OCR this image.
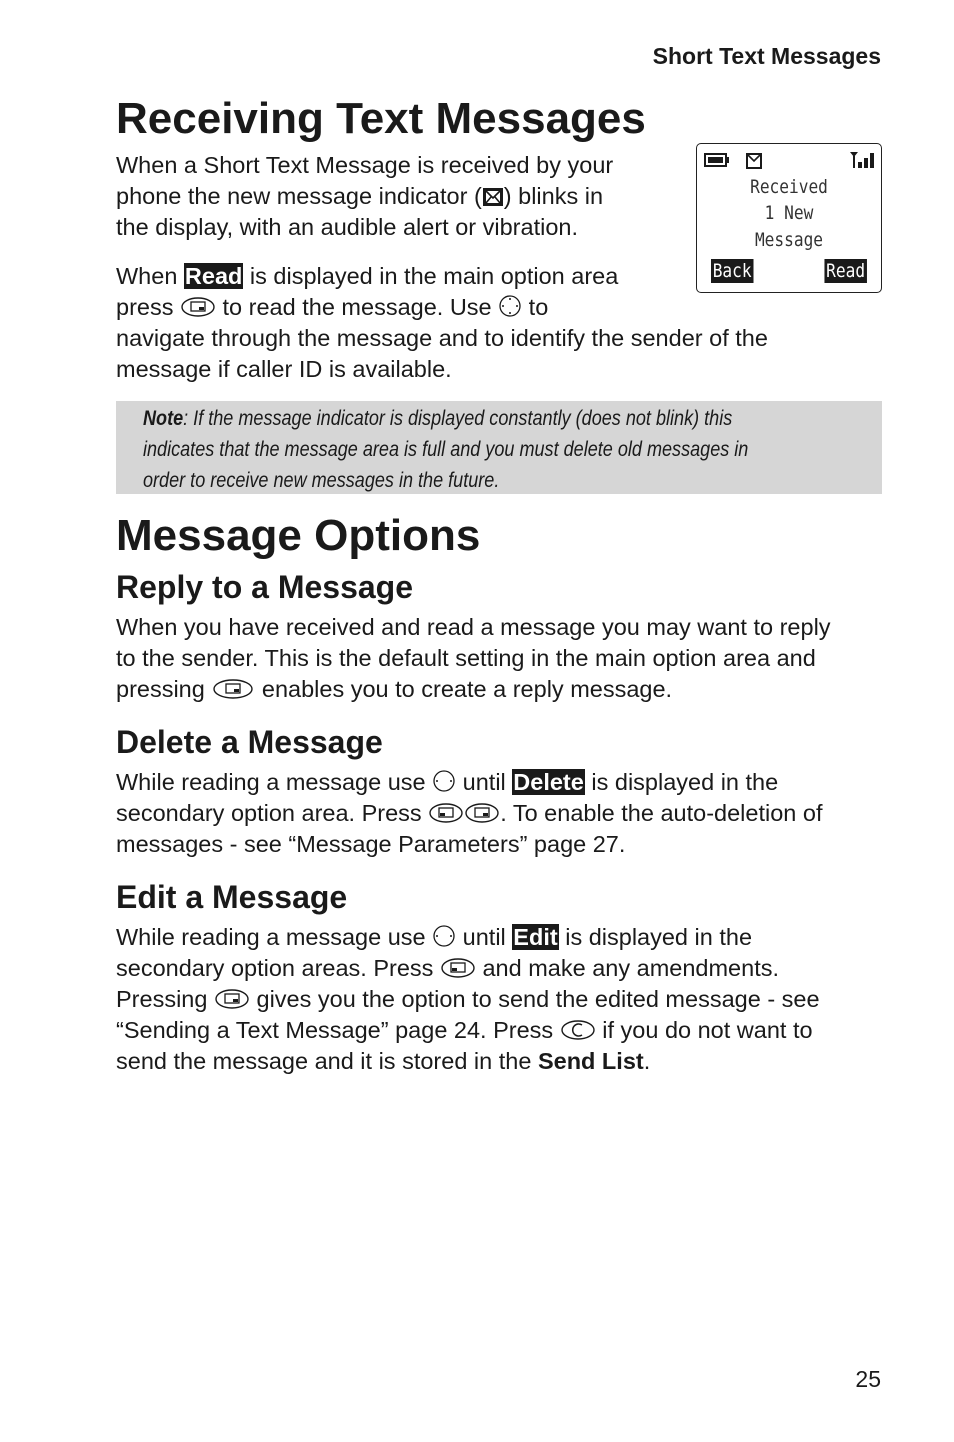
Short Text Messages
Receiving Text Messages
When a Short Text Message is received by your
phone the new message indicator ( ) blinks in
the display, with an audible alert or vibration.
When Read is displayed in the main option area
press
to read the message. Use
to
navigate through the message and to identify the sender of the
message if caller ID is available.
Received
1 New
Message
Back	Read
Note: If the message indicator is displayed constantly (does not blink) this
indicates that the message area is full and you must delete old messages in
order to receive new messages in the future.
Message Options
Reply to a Message
When you have received and read a message you may want to reply
to the sender. This is the default setting in the main option area and
pressing
enables you to create a reply message.
Delete a Message
While reading a message use
until Delete is displayed in the
secondary option area. Press	. To enable the auto-deletion of
messages - see “Message Parameters” page 27.
Edit a Message
While reading a message use
until Edit is displayed in the
secondary option areas. Press
and make any amendments.
Pressing
gives you the option to send the edited message - see
“Sending a Text Message” page 24. Press
if you do not want to
send the message and it is stored in the Send List.
25
